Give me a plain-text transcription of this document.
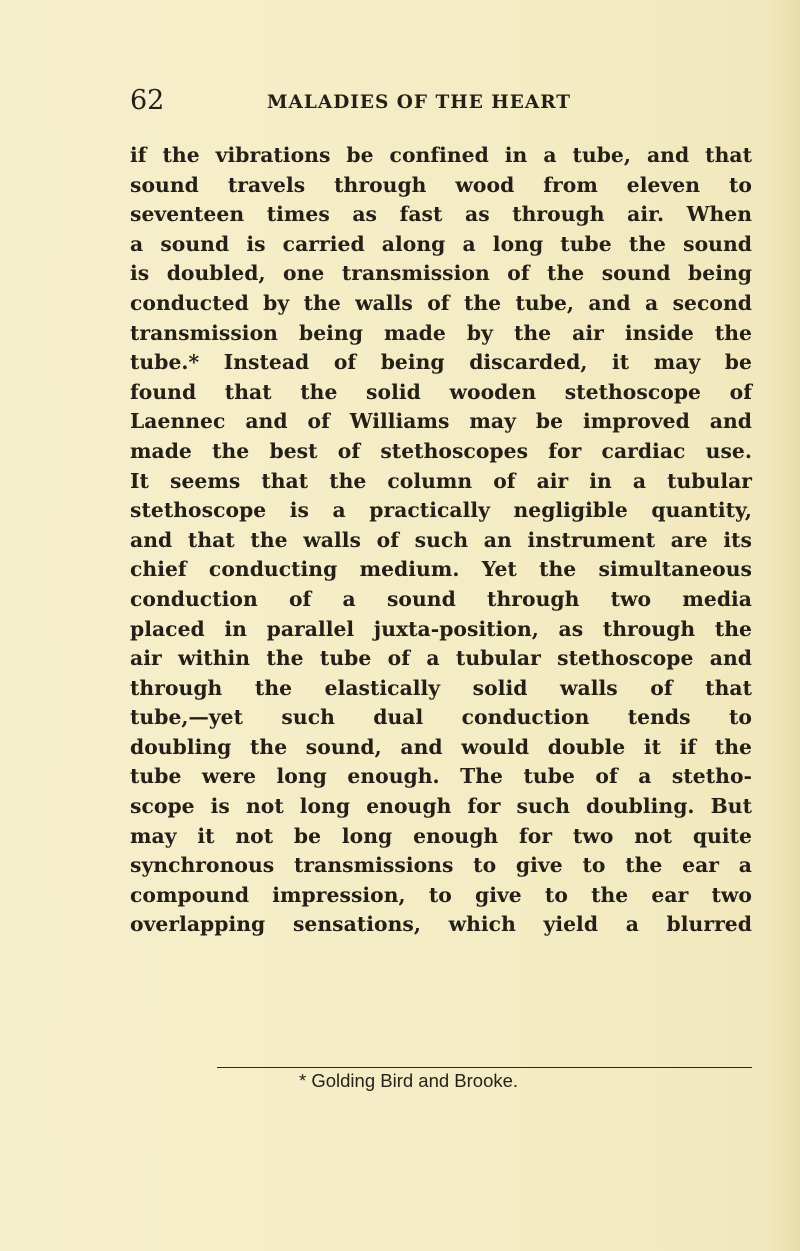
62	MALADIES OF THE HEART
if the vibrations be confined in a tube, and that
sound travels through wood from eleven to
seventeen times as fast as through air. When
a sound is carried along a long tube the sound
is doubled, one transmission of the sound being
conducted by the walls of the tube, and a second
transmission being made by the air inside the
tube.* Instead of being discarded, it may be
found that the solid wooden stethoscope of
Laennec and of Williams may be improved and
made the best of stethoscopes for cardiac use.
It seems that the column of air in a tubular
stethoscope is a practically negligible quantity,
and that the walls of such an instrument are its
chief conducting medium. Yet the simultaneous
conduction of a sound through two media
placed in parallel juxta-position, as through the
air within the tube of a tubular stethoscope and
through the elastically solid walls of that
tube,—yet such dual conduction tends to
doubling the sound, and would double it if the
tube were long enough. The tube of a stetho-
scope is not long enough for such doubling. But
may it not be long enough for two not quite
synchronous transmissions to give to the ear a
compound impression, to give to the ear two
overlapping sensations, which yield a blurred
* Golding Bird and Brooke.
